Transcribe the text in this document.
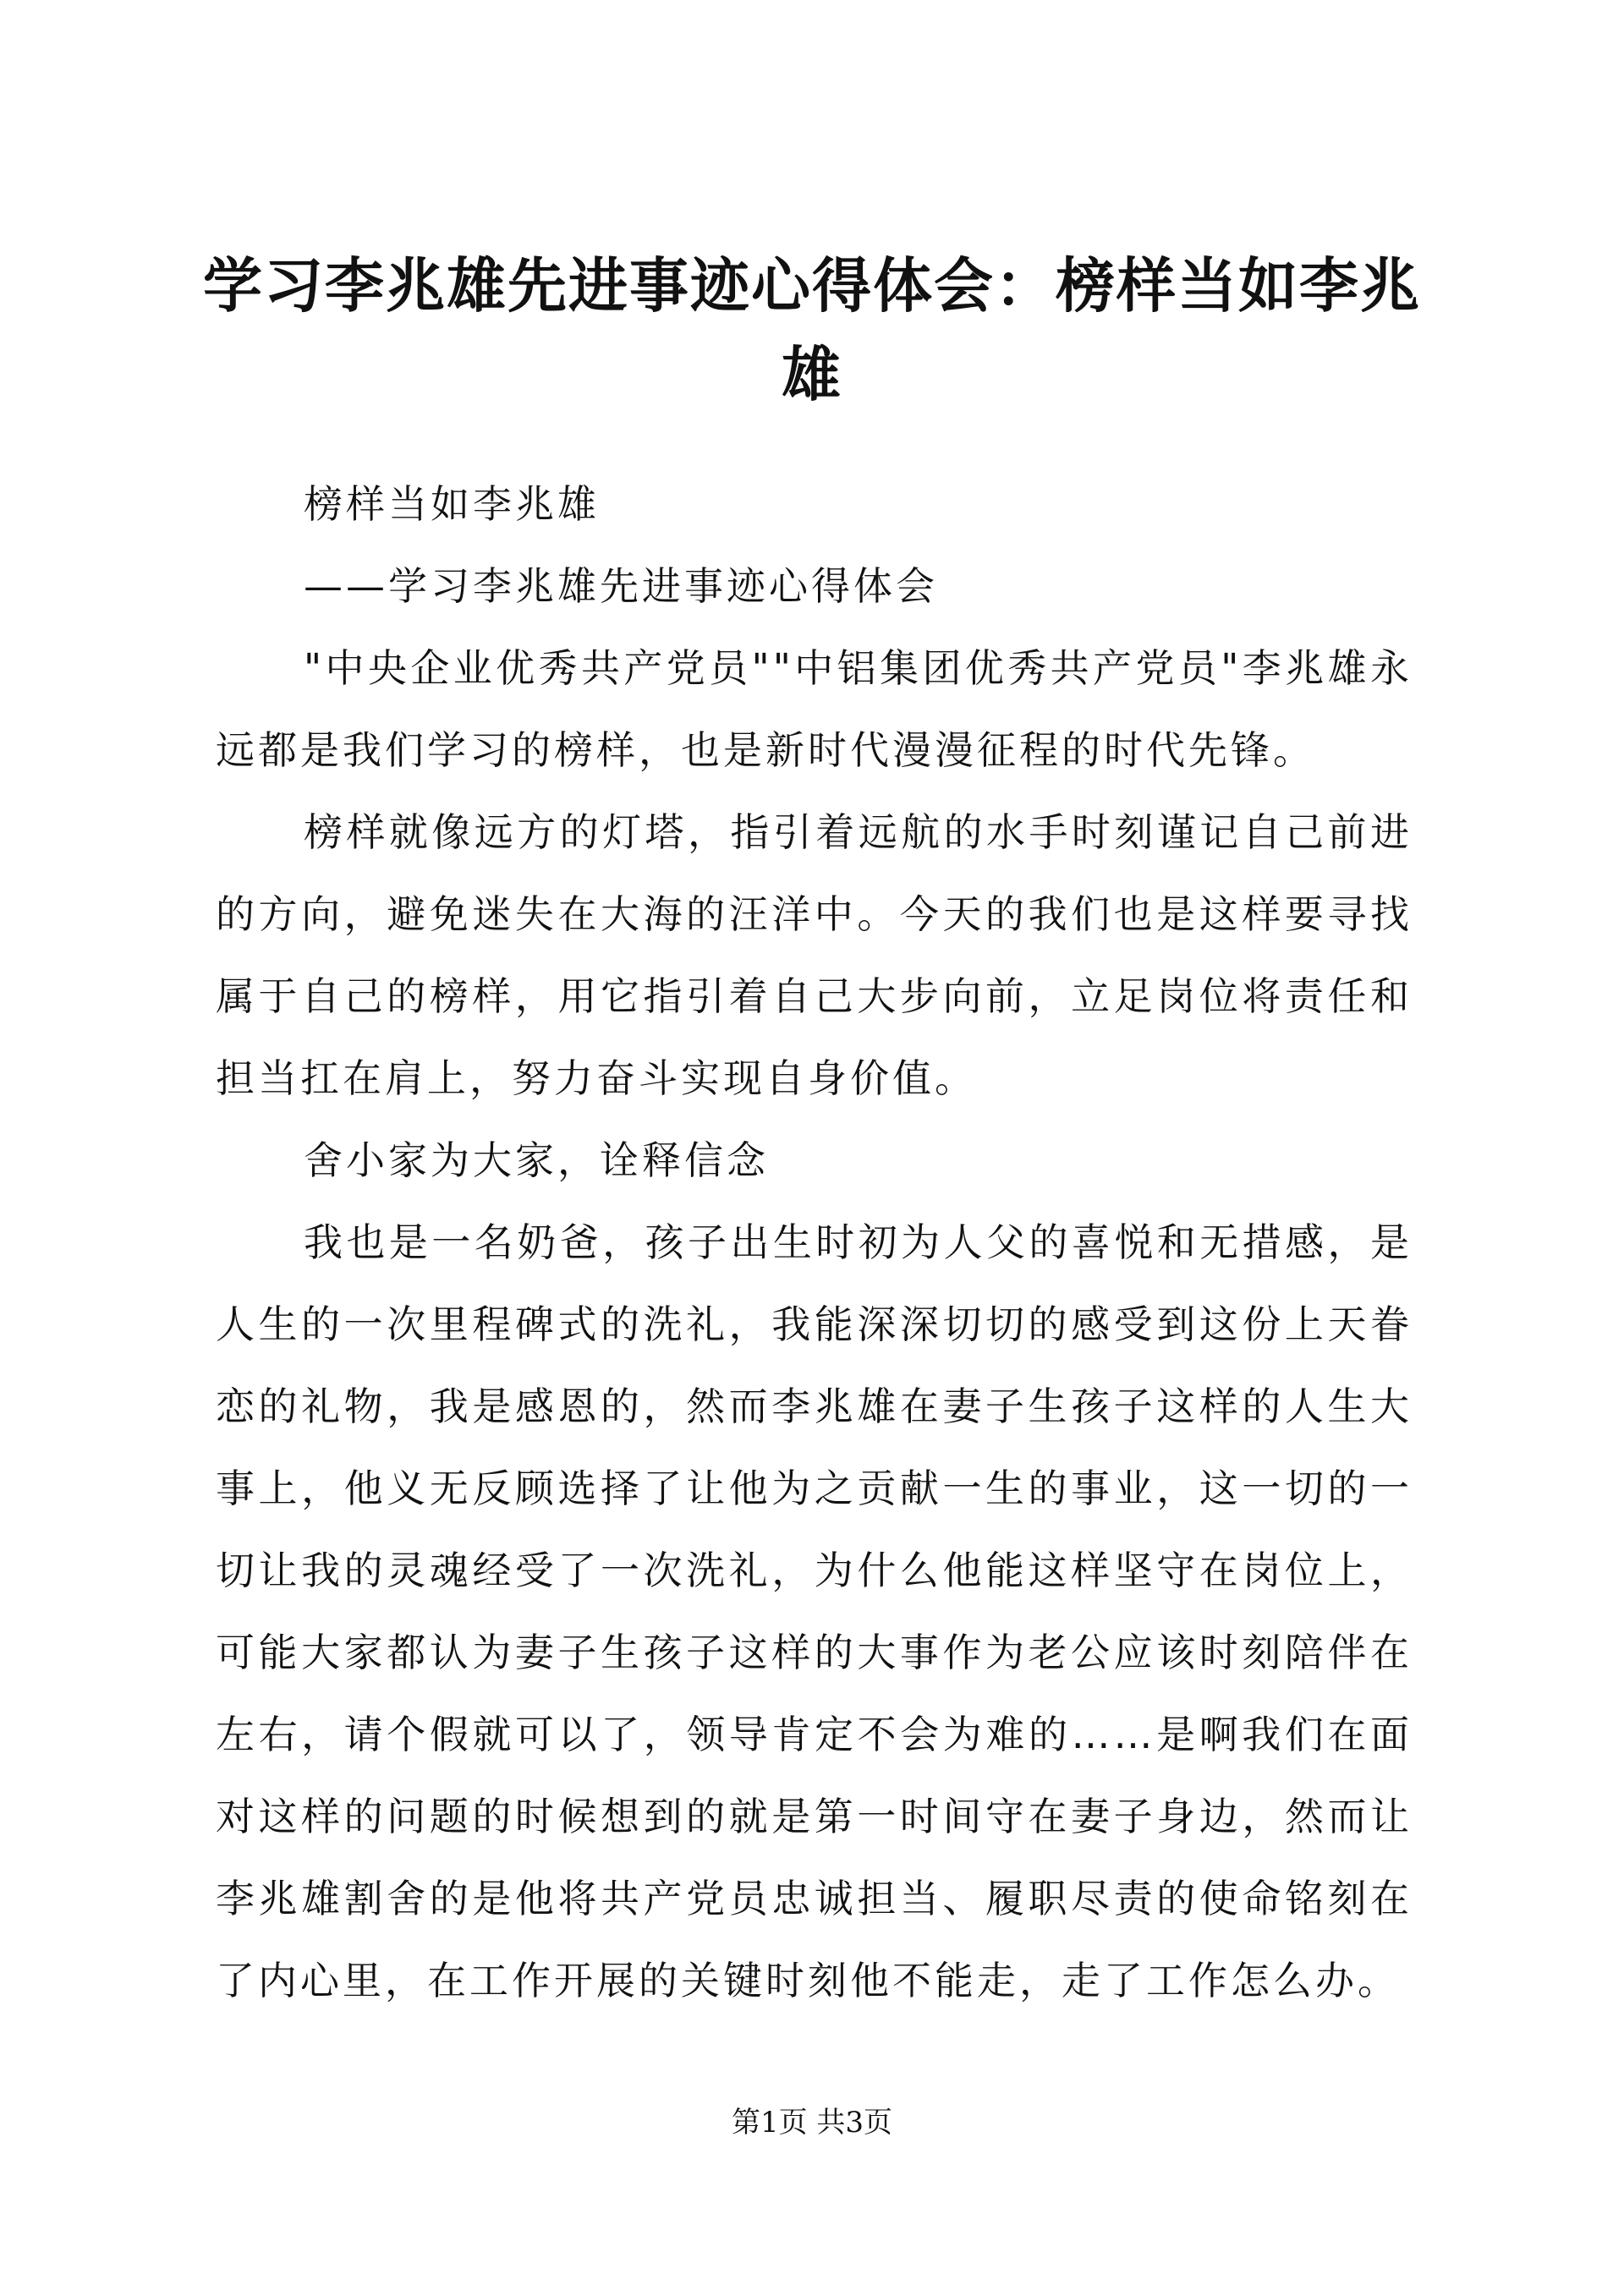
学习李兆雄先进事迹心得体会：榜样当如李兆雄

榜样当如李兆雄

——学习李兆雄先进事迹心得体会

"中央企业优秀共产党员""中铝集团优秀共产党员"李兆雄永远都是我们学习的榜样，也是新时代漫漫征程的时代先锋。

榜样就像远方的灯塔，指引着远航的水手时刻谨记自己前进的方向，避免迷失在大海的汪洋中。今天的我们也是这样要寻找属于自己的榜样，用它指引着自己大步向前，立足岗位将责任和担当扛在肩上，努力奋斗实现自身价值。

舍小家为大家，诠释信念

我也是一名奶爸，孩子出生时初为人父的喜悦和无措感，是人生的一次里程碑式的洗礼，我能深深切切的感受到这份上天眷恋的礼物，我是感恩的，然而李兆雄在妻子生孩子这样的人生大事上，他义无反顾选择了让他为之贡献一生的事业，这一切的一切让我的灵魂经受了一次洗礼，为什么他能这样坚守在岗位上，可能大家都认为妻子生孩子这样的大事作为老公应该时刻陪伴在左右，请个假就可以了，领导肯定不会为难的……是啊我们在面对这样的问题的时候想到的就是第一时间守在妻子身边，然而让李兆雄割舍的是他将共产党员忠诚担当、履职尽责的使命铭刻在了内心里，在工作开展的关键时刻他不能走，走了工作怎么办。

第1页 共3页
